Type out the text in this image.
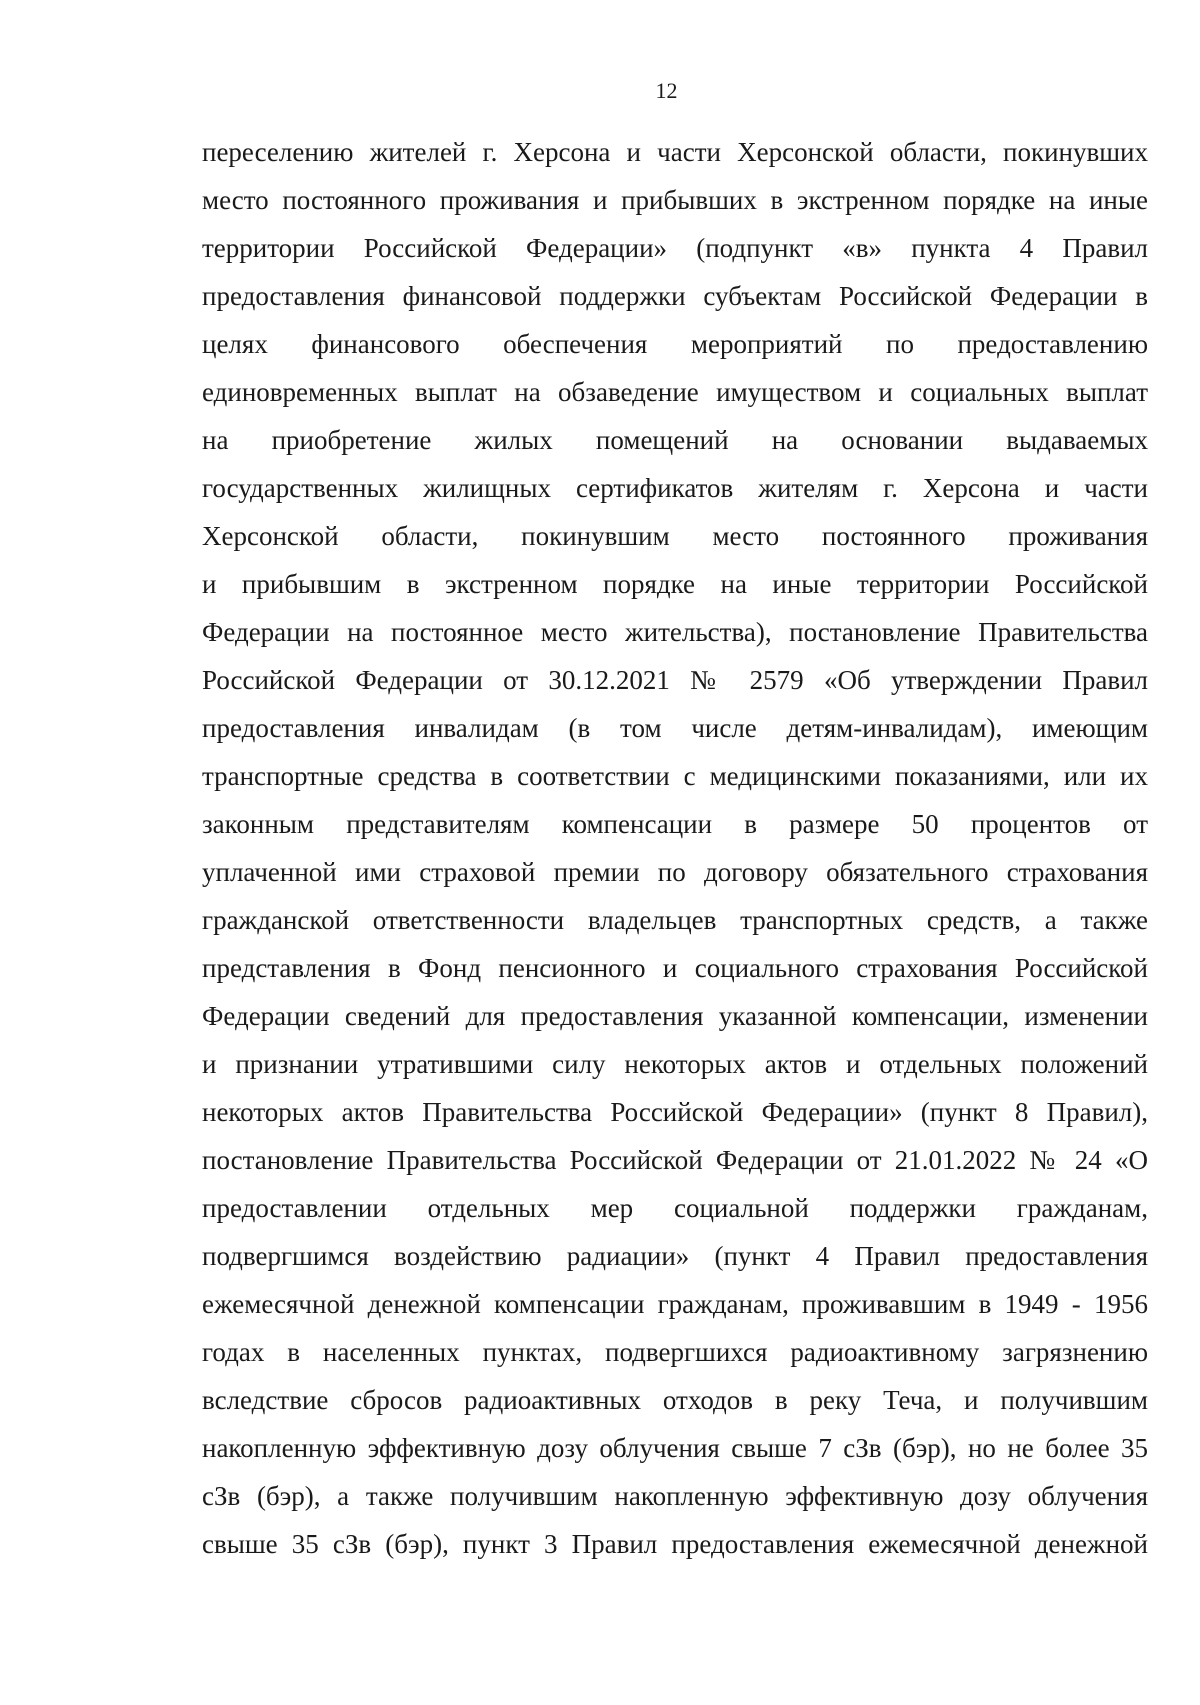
12
переселению жителей г. Херсона и части Херсонской области, покинувших
место постоянного проживания и прибывших в экстренном порядке на иные
территории Российской Федерации» (подпункт «в» пункта 4 Правил
предоставления финансовой поддержки субъектам Российской Федерации в
целях финансового обеспечения мероприятий по предоставлению
единовременных выплат на обзаведение имуществом и социальных выплат
на приобретение жилых помещений на основании выдаваемых
государственных жилищных сертификатов жителям г. Херсона и части
Херсонской области, покинувшим место постоянного проживания
и прибывшим в экстренном порядке на иные территории Российской
Федерации на постоянное место жительства), постановление Правительства
Российской Федерации от 30.12.2021 № 2579 «Об утверждении Правил
предоставления инвалидам (в том числе детям-инвалидам), имеющим
транспортные средства в соответствии с медицинскими показаниями, или их
законным представителям компенсации в размере 50 процентов от
уплаченной ими страховой премии по договору обязательного страхования
гражданской ответственности владельцев транспортных средств, а также
представления в Фонд пенсионного и социального страхования Российской
Федерации сведений для предоставления указанной компенсации, изменении
и признании утратившими силу некоторых актов и отдельных положений
некоторых актов Правительства Российской Федерации» (пункт 8 Правил),
постановление Правительства Российской Федерации от 21.01.2022 № 24 «О
предоставлении отдельных мер социальной поддержки гражданам,
подвергшимся воздействию радиации» (пункт 4 Правил предоставления
ежемесячной денежной компенсации гражданам, проживавшим в 1949 - 1956
годах в населенных пунктах, подвергшихся радиоактивному загрязнению
вследствие сбросов радиоактивных отходов в реку Теча, и получившим
накопленную эффективную дозу облучения свыше 7 сЗв (бэр), но не более 35
сЗв (бэр), а также получившим накопленную эффективную дозу облучения
свыше 35 сЗв (бэр), пункт 3 Правил предоставления ежемесячной денежной
